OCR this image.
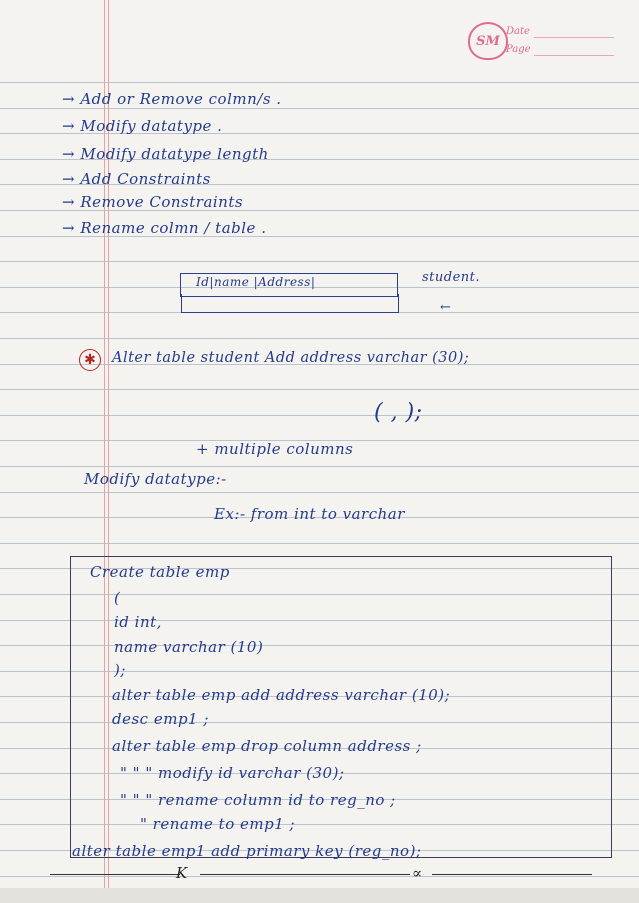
SM
Date
Page
→ Add or Remove colmn/s .
→ Modify datatype .
→ Modify datatype length
→ Add Constraints
→ Remove Constraints
→ Rename colmn / table .
Id|name |Address|	student.
←
✱	Alter table student Add address varchar (30);
( , );
+ multiple columns
Modify datatype:-
Ex:- from int to varchar
Create table emp
(
id int,
name varchar (10)
);
alter table emp add address varchar (10);
desc emp1 ;
alter table emp drop column address ;
" " " modify id varchar (30);
" " " rename column id to reg_no ;
" rename to emp1 ;
alter table emp1 add primary key (reg_no);
K	∝
